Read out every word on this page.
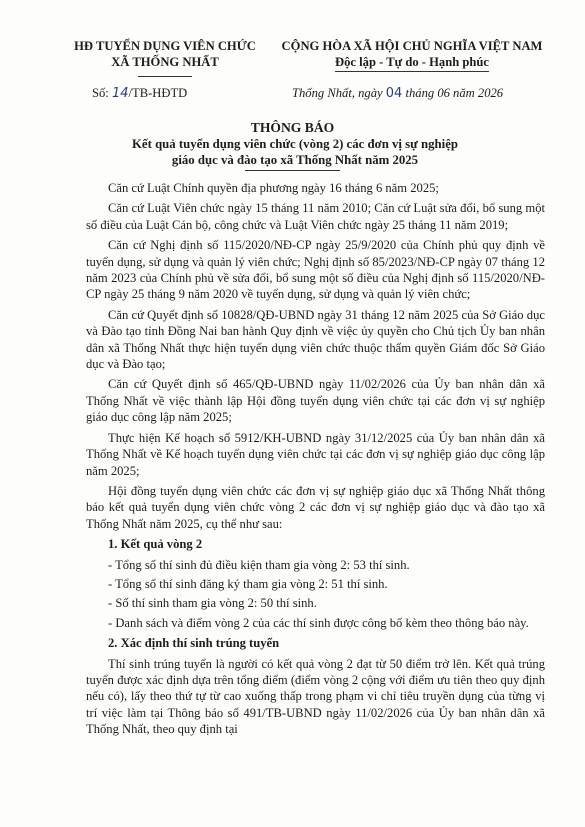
HĐ TUYỂN DỤNG VIÊN CHỨC
XÃ THỐNG NHẤT
CỘNG HÒA XÃ HỘI CHỦ NGHĨA VIỆT NAM
Độc lập - Tự do - Hạnh phúc
Số: 14/TB-HĐTD	Thống Nhất, ngày 04 tháng 06 năm 2026
THÔNG BÁO
Kết quả tuyển dụng viên chức (vòng 2) các đơn vị sự nghiệp
giáo dục và đào tạo xã Thống Nhất năm 2025

Căn cứ Luật Chính quyền địa phương ngày 16 tháng 6 năm 2025;

Căn cứ Luật Viên chức ngày 15 tháng 11 năm 2010; Căn cứ Luật sửa đổi, bổ sung một số điều của Luật Cán bộ, công chức và Luật Viên chức ngày 25 tháng 11 năm 2019;

Căn cứ Nghị định số 115/2020/NĐ-CP ngày 25/9/2020 của Chính phủ quy định về tuyển dụng, sử dụng và quản lý viên chức; Nghị định số 85/2023/NĐ-CP ngày 07 tháng 12 năm 2023 của Chính phủ về sửa đổi, bổ sung một số điều của Nghị định số 115/2020/NĐ-CP ngày 25 tháng 9 năm 2020 về tuyển dụng, sử dụng và quản lý viên chức;

Căn cứ Quyết định số 10828/QĐ-UBND ngày 31 tháng 12 năm 2025 của Sở Giáo dục và Đào tạo tỉnh Đồng Nai ban hành Quy định về việc ủy quyền cho Chủ tịch Ủy ban nhân dân xã Thống Nhất thực hiện tuyển dụng viên chức thuộc thẩm quyền Giám đốc Sở Giáo dục và Đào tạo;

Căn cứ Quyết định số 465/QĐ-UBND ngày 11/02/2026 của Ủy ban nhân dân xã Thống Nhất về việc thành lập Hội đồng tuyển dụng viên chức tại các đơn vị sự nghiệp giáo dục công lập năm 2025;

Thực hiện Kế hoạch số 5912/KH-UBND ngày 31/12/2025 của Ủy ban nhân dân xã Thống Nhất về Kế hoạch tuyển dụng viên chức tại các đơn vị sự nghiệp giáo dục công lập năm 2025;

Hội đồng tuyển dụng viên chức các đơn vị sự nghiệp giáo dục xã Thống Nhất thông báo kết quả tuyển dụng viên chức vòng 2 các đơn vị sự nghiệp giáo dục và đào tạo xã Thống Nhất năm 2025, cụ thể như sau:

1. Kết quả vòng 2
- Tổng số thí sinh đủ điều kiện tham gia vòng 2: 53 thí sinh.
- Tổng số thí sinh đăng ký tham gia vòng 2: 51 thí sinh.
- Số thí sinh tham gia vòng 2: 50 thí sinh.
- Danh sách và điểm vòng 2 của các thí sinh được công bố kèm theo thông báo này.
2. Xác định thí sinh trúng tuyển

Thí sinh trúng tuyển là người có kết quả vòng 2 đạt từ 50 điểm trở lên. Kết quả trúng tuyển được xác định dựa trên tổng điểm (điểm vòng 2 cộng với điểm ưu tiên theo quy định nếu có), lấy theo thứ tự từ cao xuống thấp trong phạm vi chỉ tiêu truyền dụng của từng vị trí việc làm tại Thông báo số 491/TB-UBND ngày 11/02/2026 của Ủy ban nhân dân xã Thống Nhất, theo quy định tại
